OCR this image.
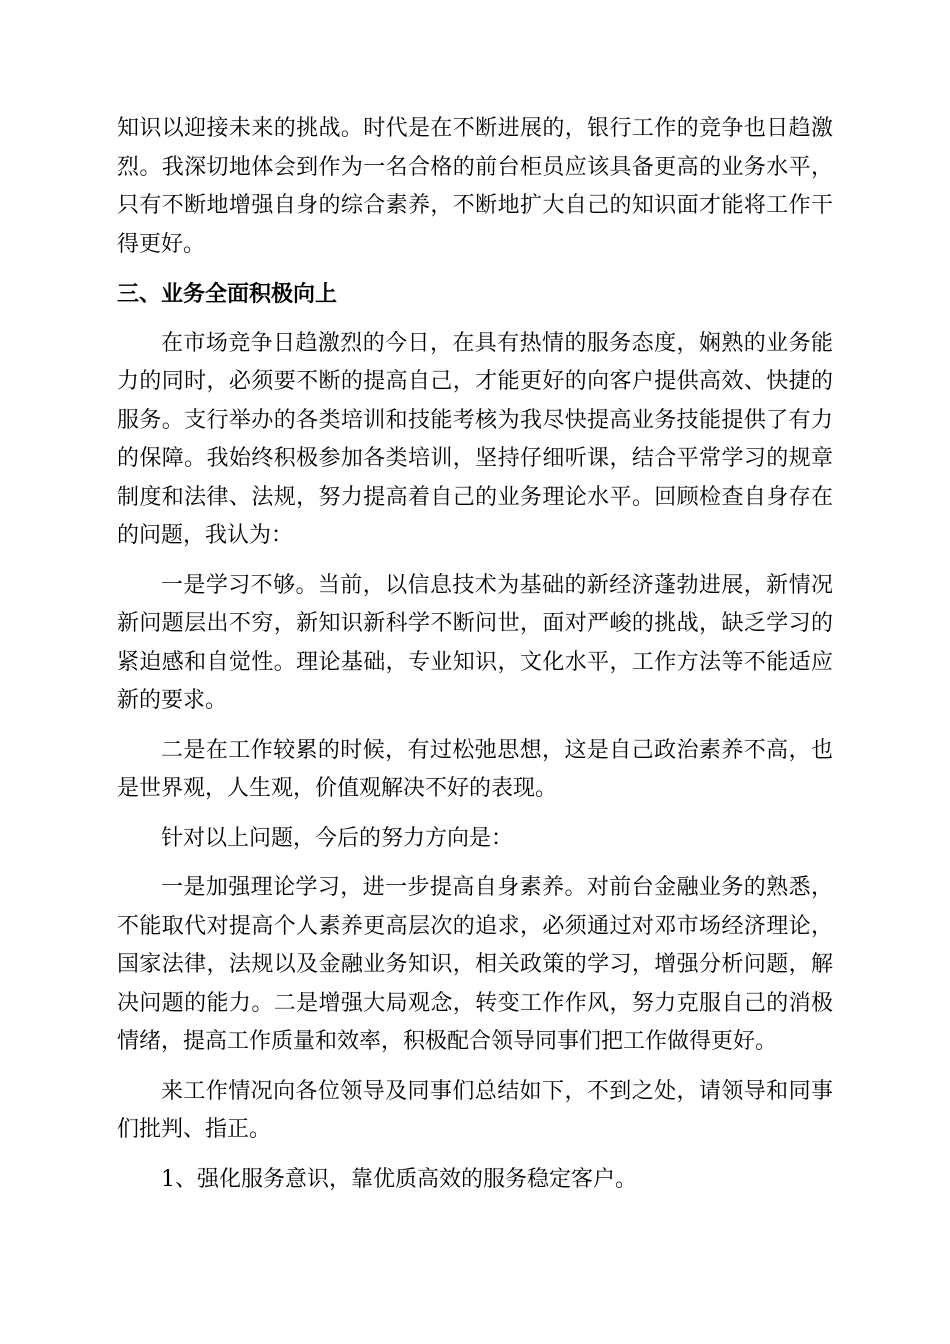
知识以迎接未来的挑战。时代是在不断进展的，银行工作的竞争也日趋激烈。我深切地体会到作为一名合格的前台柜员应该具备更高的业务水平，只有不断地增强自身的综合素养，不断地扩大自己的知识面才能将工作干得更好。

三、业务全面积极向上

在市场竞争日趋激烈的今日，在具有热情的服务态度，娴熟的业务能力的同时，必须要不断的提高自己，才能更好的向客户提供高效、快捷的服务。支行举办的各类培训和技能考核为我尽快提高业务技能提供了有力的保障。我始终积极参加各类培训，坚持仔细听课，结合平常学习的规章制度和法律、法规，努力提高着自己的业务理论水平。回顾检查自身存在的问题，我认为：

一是学习不够。当前，以信息技术为基础的新经济蓬勃进展，新情况新问题层出不穷，新知识新科学不断问世，面对严峻的挑战，缺乏学习的紧迫感和自觉性。理论基础，专业知识，文化水平，工作方法等不能适应新的要求。

二是在工作较累的时候，有过松弛思想，这是自己政治素养不高，也是世界观，人生观，价值观解决不好的表现。

针对以上问题，今后的努力方向是：

一是加强理论学习，进一步提高自身素养。对前台金融业务的熟悉，不能取代对提高个人素养更高层次的追求，必须通过对邓市场经济理论，国家法律，法规以及金融业务知识，相关政策的学习，增强分析问题，解决问题的能力。二是增强大局观念，转变工作作风，努力克服自己的消极情绪，提高工作质量和效率，积极配合领导同事们把工作做得更好。

来工作情况向各位领导及同事们总结如下，不到之处，请领导和同事们批判、指正。

1、强化服务意识，靠优质高效的服务稳定客户。
